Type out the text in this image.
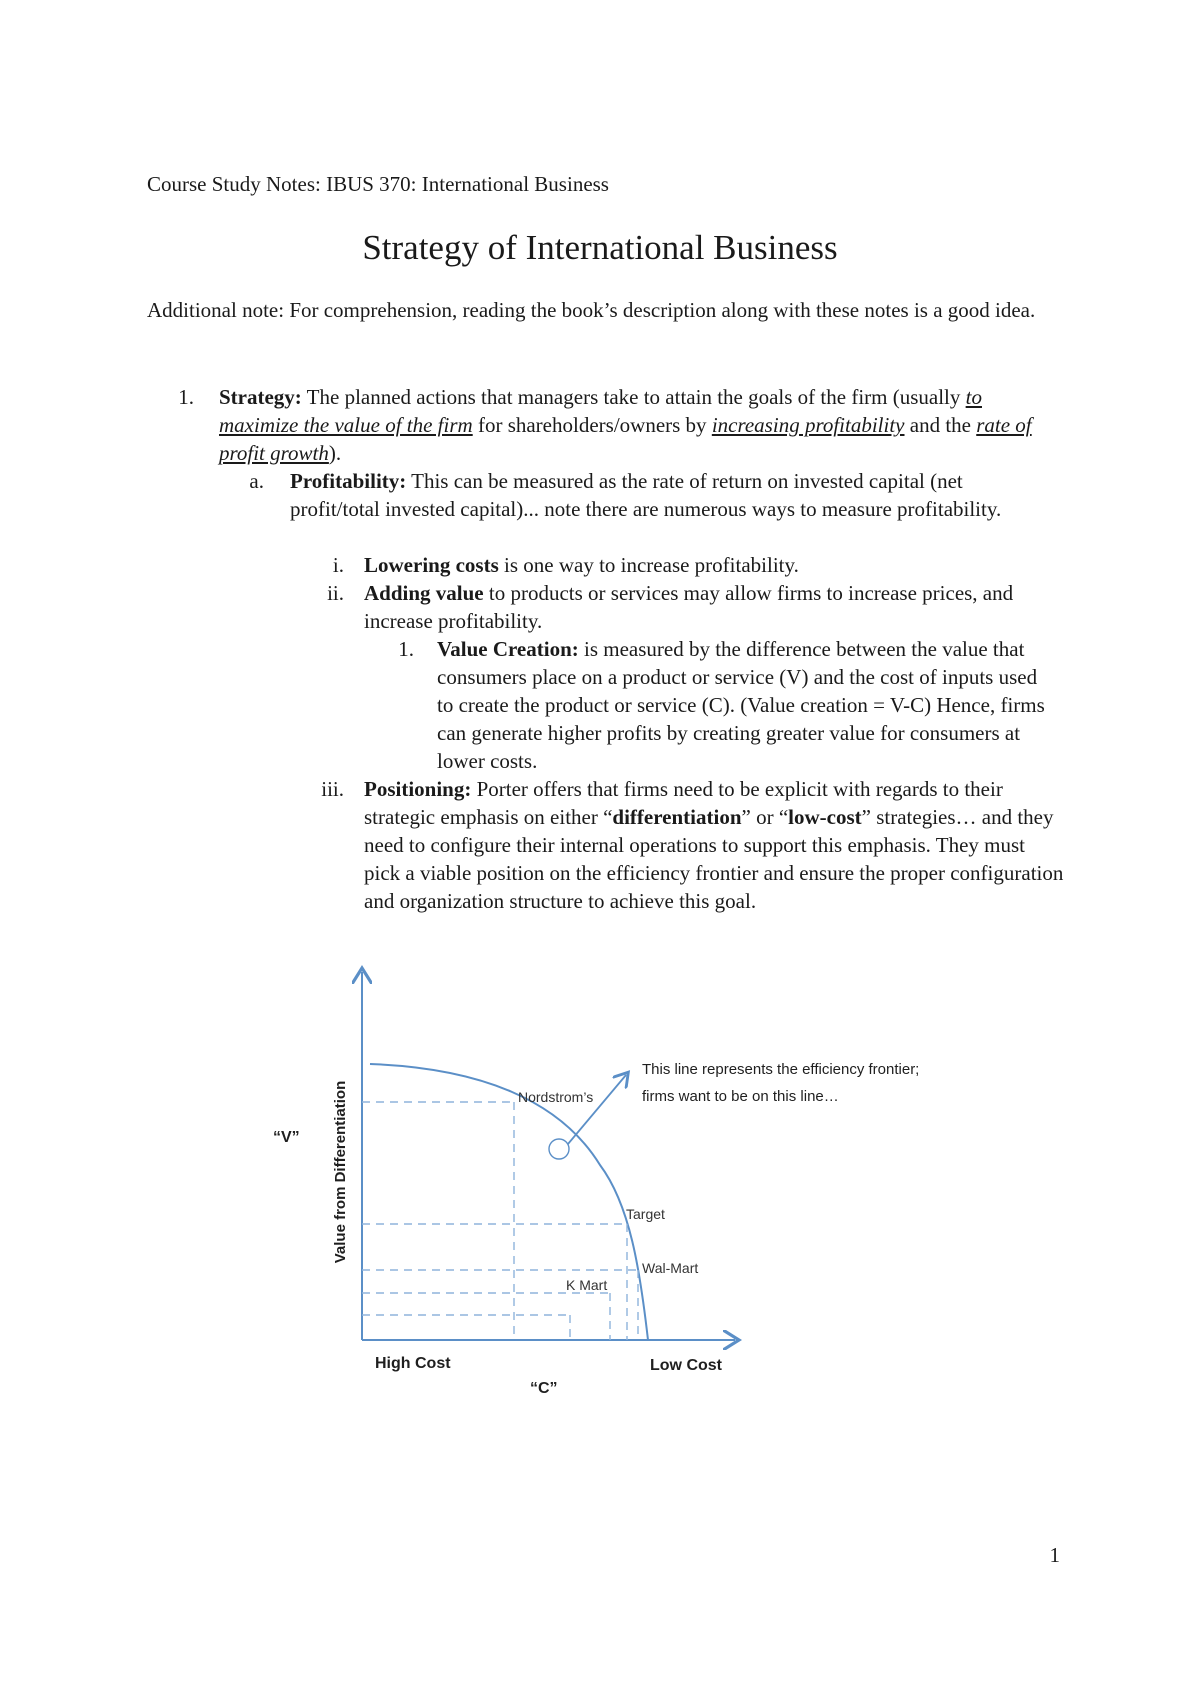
Course Study Notes: IBUS 370: International Business
Strategy of International Business
Additional note: For comprehension, reading the book’s description along with these notes is a good idea.
1. Strategy: The planned actions that managers take to attain the goals of the firm (usually to maximize the value of the firm for shareholders/owners by increasing profitability and the rate of profit growth).
a. Profitability: This can be measured as the rate of return on invested capital (net profit/total invested capital)... note there are numerous ways to measure profitability.
i. Lowering costs is one way to increase profitability.
ii. Adding value to products or services may allow firms to increase prices, and increase profitability.
1. Value Creation: is measured by the difference between the value that consumers place on a product or service (V) and the cost of inputs used to create the product or service (C). (Value creation = V-C) Hence, firms can generate higher profits by creating greater value for consumers at lower costs.
iii. Positioning: Porter offers that firms need to be explicit with regards to their strategic emphasis on either “differentiation” or “low-cost” strategies… and they need to configure their internal operations to support this emphasis. They must pick a viable position on the efficiency frontier and ensure the proper configuration and organization structure to achieve this goal.
Value from Differentiation
“V”
“C”
High Cost	Low Cost
This line represents the efficiency frontier;
firms want to be on this line…
Nordstrom’s
Target
Wal-Mart
K Mart
1
